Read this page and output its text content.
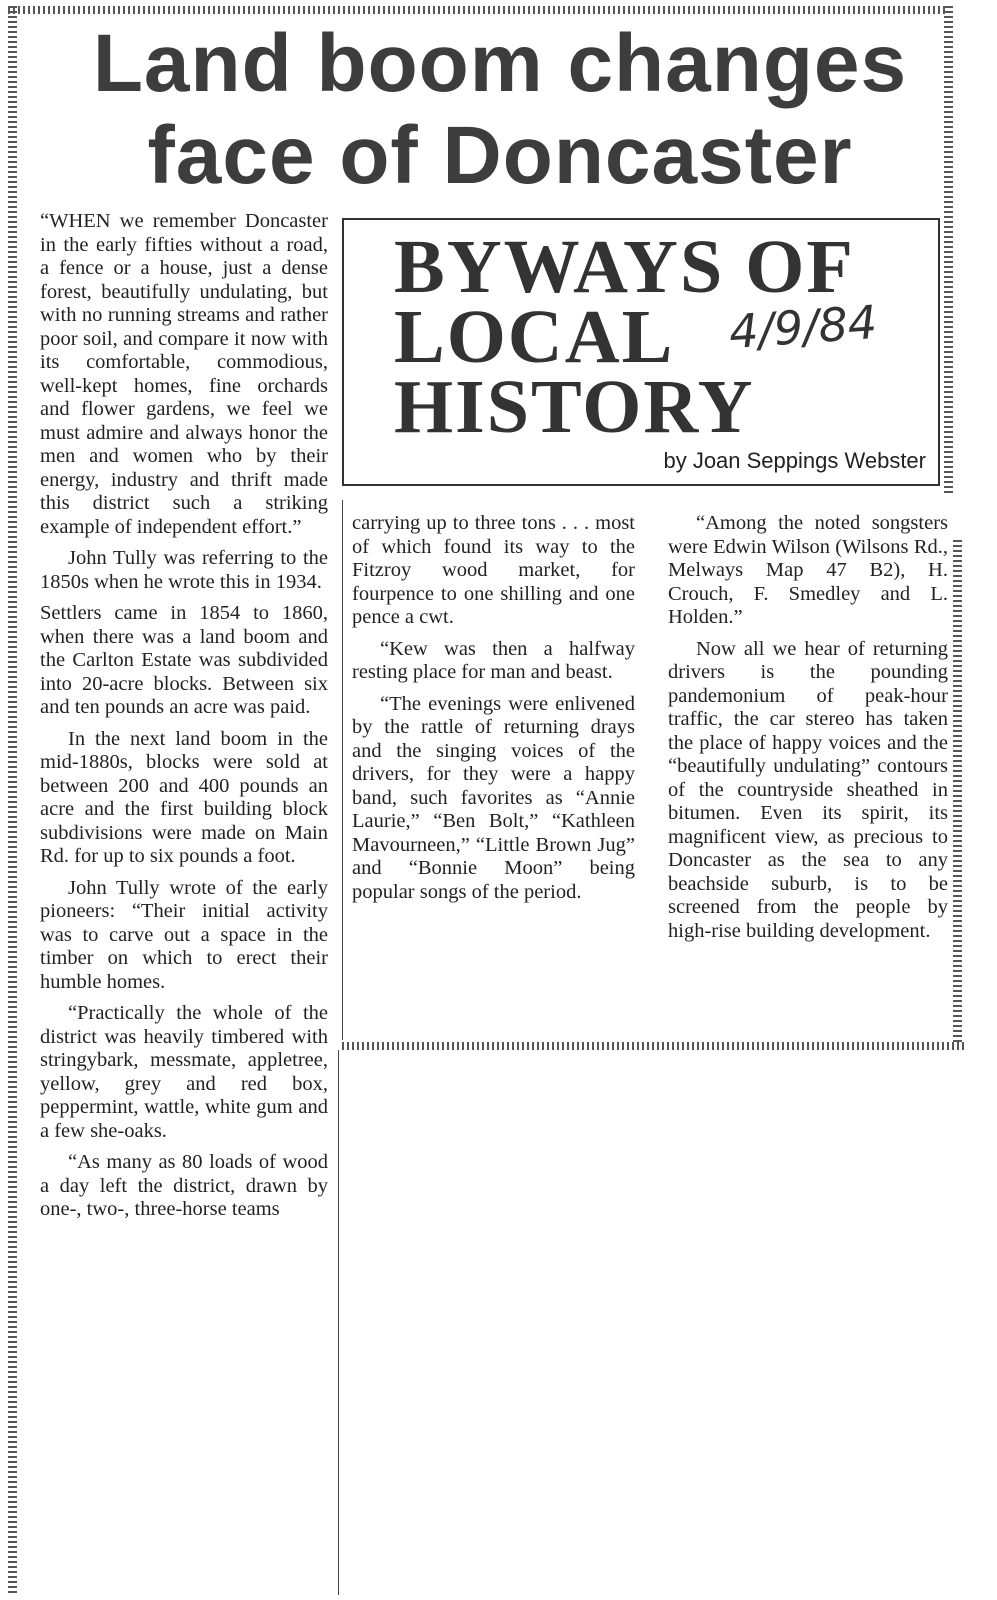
Land boom changes
face of Doncaster
BYWAYS OF
LOCAL
HISTORY
4/9/84
by Joan Seppings Webster

“WHEN we remember Doncaster in the early fifties without a road, a fence or a house, just a dense forest, beautifully undulating, but with no running streams and rather poor soil, and compare it now with its comfortable, commodious, well-kept homes, fine orchards and flower gardens, we feel we must admire and always honor the men and women who by their energy, industry and thrift made this district such a striking example of independent effort.”

John Tully was referring to the 1850s when he wrote this in 1934.

Settlers came in 1854 to 1860, when there was a land boom and the Carlton Estate was subdivided into 20-acre blocks. Between six and ten pounds an acre was paid.

In the next land boom in the mid-1880s, blocks were sold at between 200 and 400 pounds an acre and the first building block subdivisions were made on Main Rd. for up to six pounds a foot.

John Tully wrote of the early pioneers: “Their initial activity was to carve out a space in the timber on which to erect their humble homes.

“Practically the whole of the district was heavily timbered with stringybark, messmate, appletree, yellow, grey and red box, peppermint, wattle, white gum and a few she-oaks.

“As many as 80 loads of wood a day left the district, drawn by one-, two-, three-horse teams

carrying up to three tons . . . most of which found its way to the Fitzroy wood market, for fourpence to one shilling and one pence a cwt.

“Kew was then a halfway resting place for man and beast.

“The evenings were enlivened by the rattle of returning drays and the singing voices of the drivers, for they were a happy band, such favorites as “Annie Laurie,” “Ben Bolt,” “Kathleen Mavourneen,” “Little Brown Jug” and “Bonnie Moon” being popular songs of the period.

“Among the noted songsters were Edwin Wilson (Wilsons Rd., Melways Map 47 B2), H. Crouch, F. Smedley and L. Holden.”

Now all we hear of returning drivers is the pounding pandemonium of peak-hour traffic, the car stereo has taken the place of happy voices and the “beautifully undulating” contours of the countryside sheathed in bitumen. Even its spirit, its magnificent view, as precious to Doncaster as the sea to any beachside suburb, is to be screened from the people by high-rise building development.
